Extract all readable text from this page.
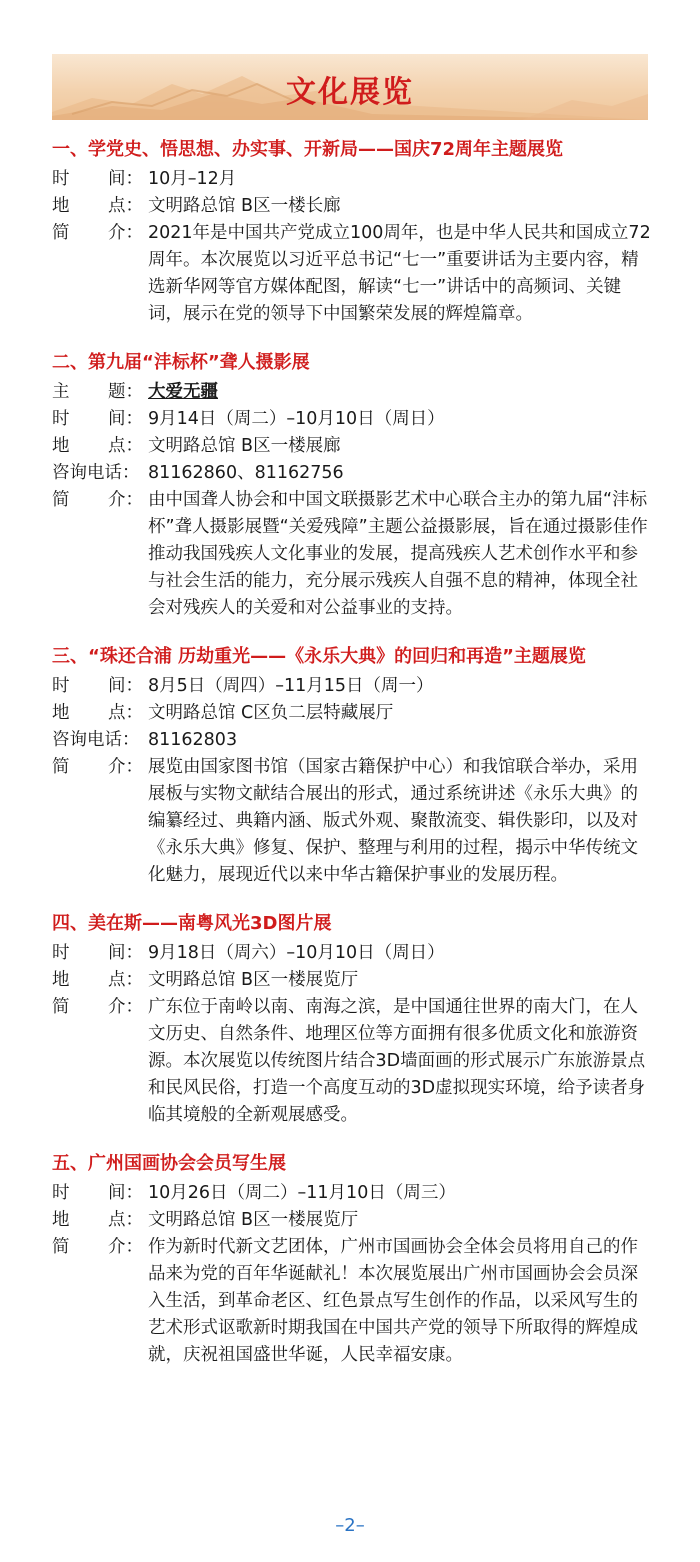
文化展览
一、学党史、悟思想、办实事、开新局——国庆72周年主题展览
时 间： 10月–12月
地 点： 文明路总馆 B区一楼长廊
简 介： 2021年是中国共产党成立100周年，也是中华人民共和国成立72周年。本次展览以习近平总书记“七一”重要讲话为主要内容，精选新华网等官方媒体配图，解读“七一”讲话中的高频词、关键词，展示在党的领导下中国繁荣发展的辉煌篇章。
二、第九届“沣标杯”聋人摄影展
主 题： 大爱无疆
时 间： 9月14日（周二）–10月10日（周日）
地 点： 文明路总馆 B区一楼展廊
咨询电话： 81162860、81162756
简 介： 由中国聋人协会和中国文联摄影艺术中心联合主办的第九届“沣标杯”聋人摄影展暨“关爱残障”主题公益摄影展，旨在通过摄影佳作推动我国残疾人文化事业的发展，提高残疾人艺术创作水平和参与社会生活的能力，充分展示残疾人自强不息的精神，体现全社会对残疾人的关爱和对公益事业的支持。
三、“珠还合浦 历劫重光——《永乐大典》的回归和再造”主题展览
时 间： 8月5日（周四）–11月15日（周一）
地 点： 文明路总馆 C区负二层特藏展厅
咨询电话： 81162803
简 介： 展览由国家图书馆（国家古籍保护中心）和我馆联合举办，采用展板与实物文献结合展出的形式，通过系统讲述《永乐大典》的编纂经过、典籍内涵、版式外观、聚散流变、辑佚影印，以及对《永乐大典》修复、保护、整理与利用的过程，揭示中华传统文化魅力，展现近代以来中华古籍保护事业的发展历程。
四、美在斯——南粤风光3D图片展
时 间： 9月18日（周六）–10月10日（周日）
地 点： 文明路总馆 B区一楼展览厅
简 介： 广东位于南岭以南、南海之滨，是中国通往世界的南大门，在人文历史、自然条件、地理区位等方面拥有很多优质文化和旅游资源。本次展览以传统图片结合3D墙面画的形式展示广东旅游景点和民风民俗，打造一个高度互动的3D虚拟现实环境，给予读者身临其境般的全新观展感受。
五、广州国画协会会员写生展
时 间： 10月26日（周二）–11月10日（周三）
地 点： 文明路总馆 B区一楼展览厅
简 介： 作为新时代新文艺团体，广州市国画协会全体会员将用自己的作品来为党的百年华诞献礼！本次展览展出广州市国画协会会员深入生活，到革命老区、红色景点写生创作的作品，以采风写生的艺术形式讴歌新时期我国在中国共产党的领导下所取得的辉煌成就，庆祝祖国盛世华诞，人民幸福安康。
–2–
